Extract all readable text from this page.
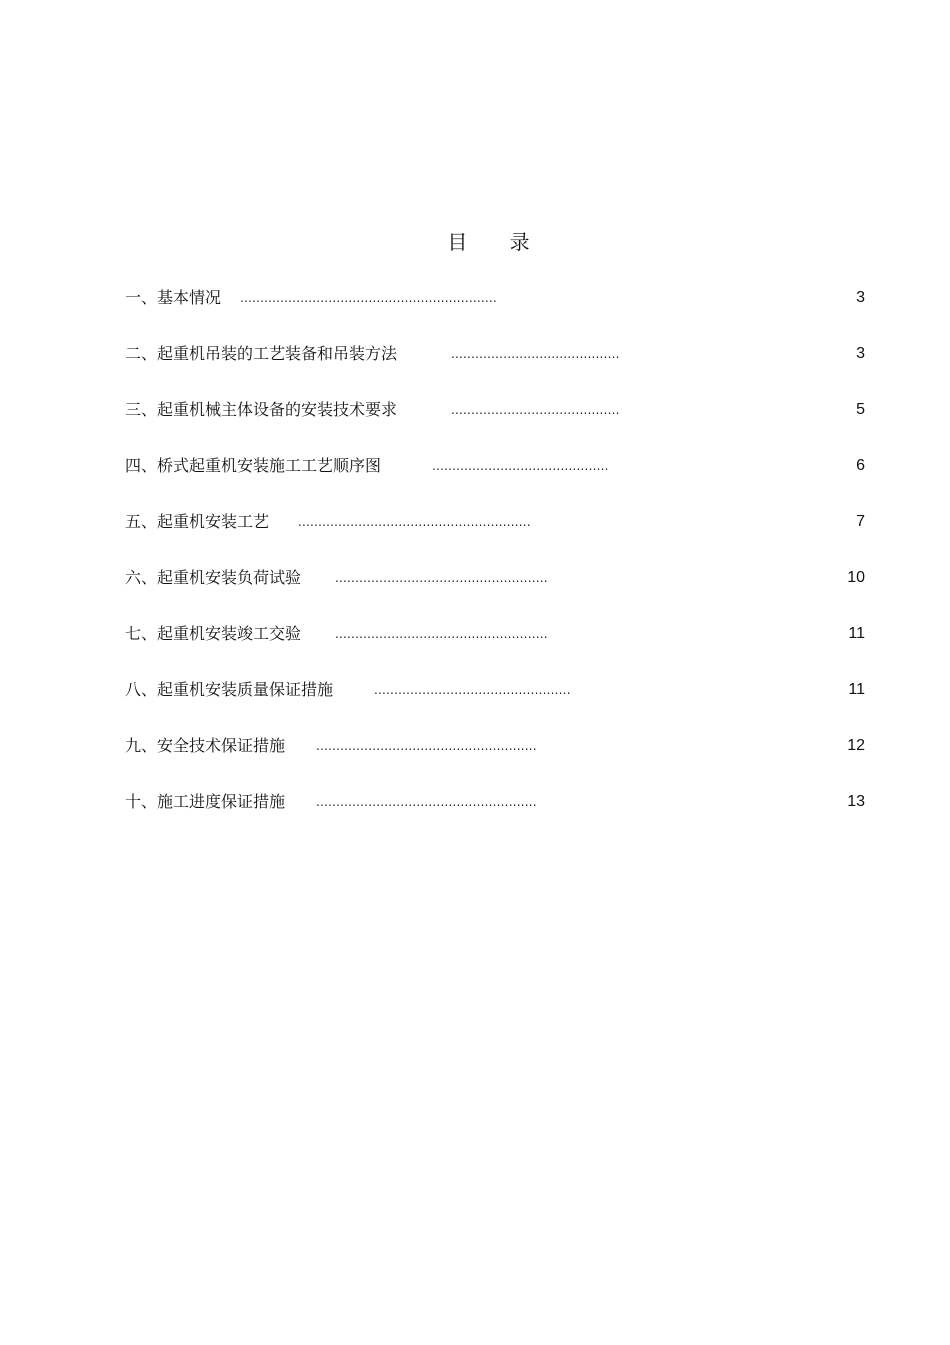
目 录
一、基本情况 ................................................................	3
二、起重机吊装的工艺装备和吊装方法	..........................................	3
三、起重机械主体设备的安装技术要求	..........................................	5
四、桥式起重机安装施工工艺顺序图	............................................	6
五、起重机安装工艺 ..........................................................	7
六、起重机安装负荷试验	.....................................................	10
七、起重机安装竣工交验	.....................................................	11
八、起重机安装质量保证措施	.................................................	11
九、安全技术保证措施	.......................................................	12
十、施工进度保证措施	.......................................................	13
